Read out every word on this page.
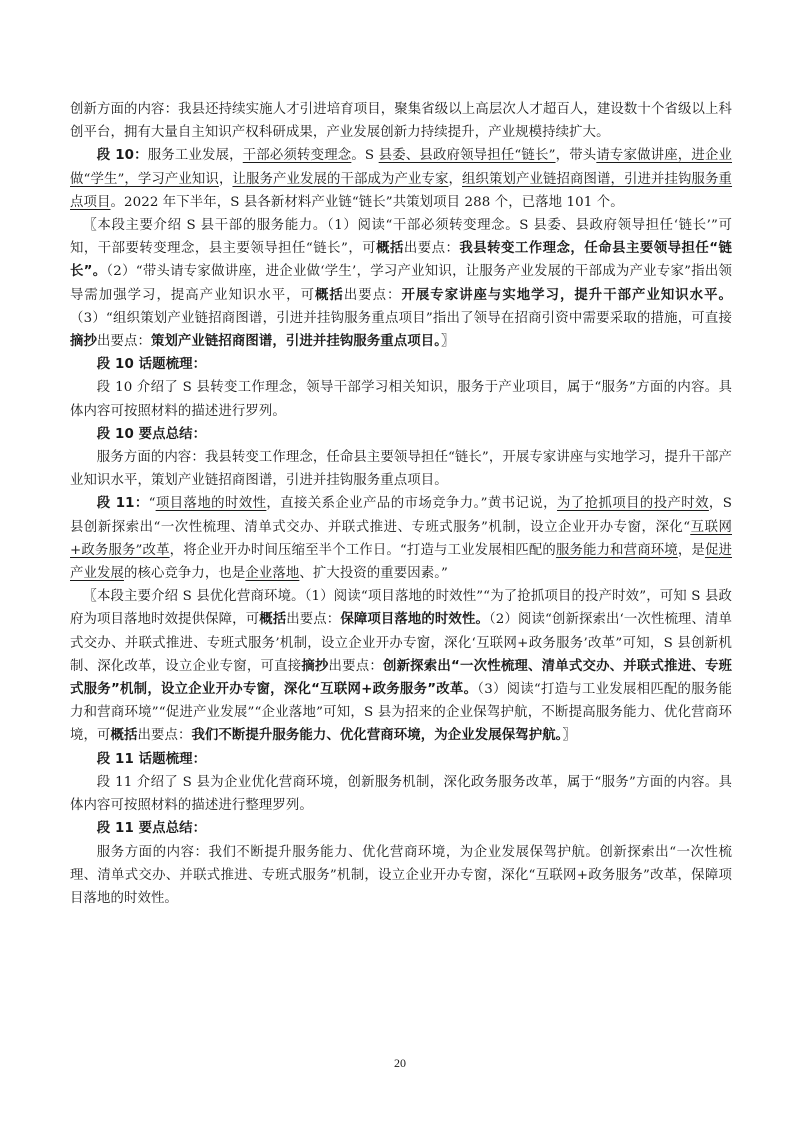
创新方面的内容：我县还持续实施人才引进培育项目，聚集省级以上高层次人才超百人，建设数十个省级以上科创平台，拥有大量自主知识产权科研成果，产业发展创新力持续提升，产业规模持续扩大。

段 10：服务工业发展，干部必须转变理念。S 县委、县政府领导担任“链长”，带头请专家做讲座，进企业做“学生”，学习产业知识，让服务产业发展的干部成为产业专家，组织策划产业链招商图谱，引进并挂钩服务重点项目。2022 年下半年，S 县各新材料产业链“链长”共策划项目 288 个，已落地 101 个。

〖本段主要介绍 S 县干部的服务能力。（1）阅读“干部必须转变理念。S 县委、县政府领导担任‘链长’”可知，干部要转变理念，县主要领导担任“链长”，可概括出要点：我县转变工作理念，任命县主要领导担任“链长”。（2）“带头请专家做讲座，进企业做‘学生’，学习产业知识，让服务产业发展的干部成为产业专家”指出领导需加强学习，提高产业知识水平，可概括出要点：开展专家讲座与实地学习，提升干部产业知识水平。（3）“组织策划产业链招商图谱，引进并挂钩服务重点项目”指出了领导在招商引资中需要采取的措施，可直接摘抄出要点：策划产业链招商图谱，引进并挂钩服务重点项目。〗

段 10 话题梳理：

段 10 介绍了 S 县转变工作理念，领导干部学习相关知识，服务于产业项目，属于“服务”方面的内容。具体内容可按照材料的描述进行罗列。

段 10 要点总结：

服务方面的内容：我县转变工作理念，任命县主要领导担任“链长”，开展专家讲座与实地学习，提升干部产业知识水平，策划产业链招商图谱，引进并挂钩服务重点项目。

段 11：“项目落地的时效性，直接关系企业产品的市场竞争力。”黄书记说，为了抢抓项目的投产时效，S 县创新探索出“一次性梳理、清单式交办、并联式推进、专班式服务”机制，设立企业开办专窗，深化“互联网+政务服务”改革，将企业开办时间压缩至半个工作日。“打造与工业发展相匹配的服务能力和营商环境，是促进产业发展的核心竞争力，也是企业落地、扩大投资的重要因素。”

〖本段主要介绍 S 县优化营商环境。（1）阅读“项目落地的时效性”“为了抢抓项目的投产时效”，可知 S 县政府为项目落地时效提供保障，可概括出要点：保障项目落地的时效性。（2）阅读“创新探索出‘一次性梳理、清单式交办、并联式推进、专班式服务’机制，设立企业开办专窗，深化‘互联网+政务服务’改革”可知，S 县创新机制、深化改革，设立企业专窗，可直接摘抄出要点：创新探索出“一次性梳理、清单式交办、并联式推进、专班式服务”机制，设立企业开办专窗，深化“互联网+政务服务”改革。（3）阅读“打造与工业发展相匹配的服务能力和营商环境”“促进产业发展”“企业落地”可知，S 县为招来的企业保驾护航，不断提高服务能力、优化营商环境，可概括出要点：我们不断提升服务能力、优化营商环境，为企业发展保驾护航。〗

段 11 话题梳理：

段 11 介绍了 S 县为企业优化营商环境，创新服务机制，深化政务服务改革，属于“服务”方面的内容。具体内容可按照材料的描述进行整理罗列。

段 11 要点总结：

服务方面的内容：我们不断提升服务能力、优化营商环境，为企业发展保驾护航。创新探索出“一次性梳理、清单式交办、并联式推进、专班式服务”机制，设立企业开办专窗，深化“互联网+政务服务”改革，保障项目落地的时效性。

20
